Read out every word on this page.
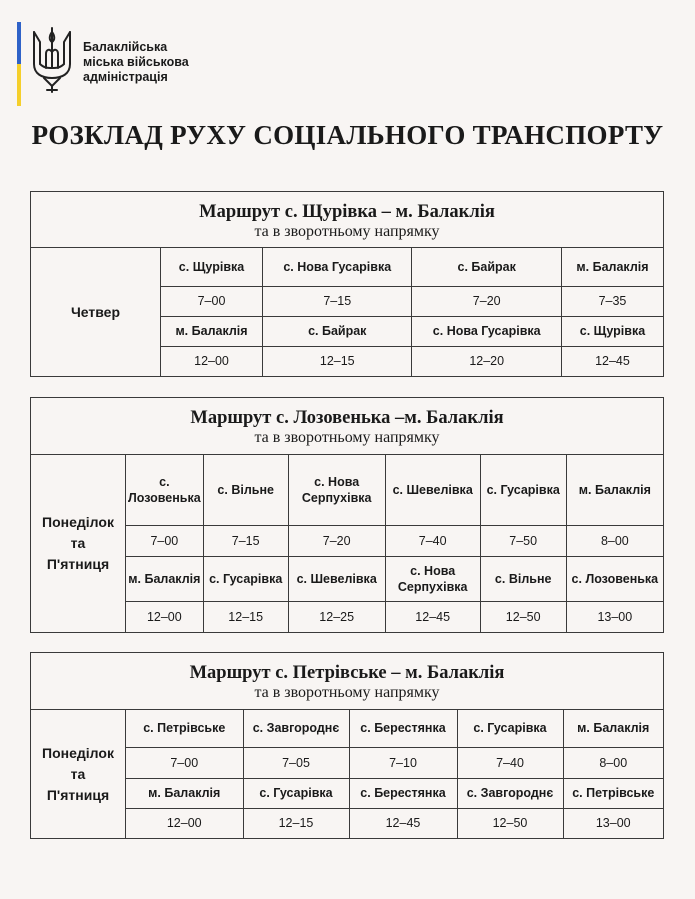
Балаклійська
міська військова
адміністрація
РОЗКЛАД РУХУ СОЦІАЛЬНОГО ТРАНСПОРТУ
Маршрут с. Щурівка – м. Балаклія
та в зворотньому напрямку
Четвер
с. Щурівка	с. Нова Гусарівка	с. Байрак	м. Балаклія
7–00	7–15	7–20	7–35
м. Балаклія	с. Байрак	с. Нова Гусарівка	с. Щурівка
12–00	12–15	12–20	12–45
Маршрут с. Лозовенька –м. Балаклія
та в зворотньому напрямку
Понеділок
та
П'ятниця
с. Лозовенька	с. Вільне	с. Нова Серпухівка	с. Шевелівка	с. Гусарівка	м. Балаклія
7–00	7–15	7–20	7–40	7–50	8–00
м. Балаклія	с. Гусарівка	с. Шевелівка	с. Нова Серпухівка	с. Вільне	с. Лозовенька
12–00	12–15	12–25	12–45	12–50	13–00
Маршрут с. Петрівське – м. Балаклія
та в зворотньому напрямку
Понеділок
та
П'ятниця
с. Петрівське	с. Завгороднє	с. Берестянка	с. Гусарівка	м. Балаклія
7–00	7–05	7–10	7–40	8–00
м. Балаклія	с. Гусарівка	с. Берестянка	с. Завгороднє	с. Петрівське
12–00	12–15	12–45	12–50	13–00
